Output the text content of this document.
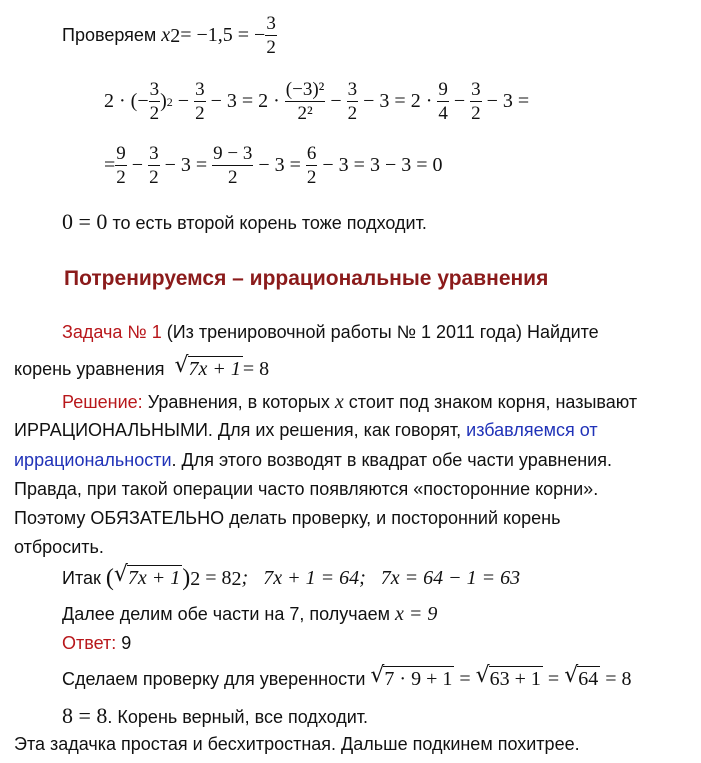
Проверяем
x 2 = −1,5 = − $\frac{3}{2}$
2 · (− $\frac{3}{2}$ ) $2 - \frac{3}{2} - 3 = 2 \cdot \frac{\text{(−3)²}}{\text{2²}} - \frac{3}{2} - 3 = 2 \cdot \frac{9}{4} - \frac{3}{2} - 3$ =
= $\frac{9}{2} - \frac{3}{2} - 3 = \frac{9 - 3}{2} - 3 = \frac{6}{2} - 3 = 3 - 3 = 0$
0 = 0 то есть второй корень тоже подходит.
Потренируемся – иррациональные уравнения
Задача № 1 (Из тренировочной работы № 1 2011 года) Найдите
корень уравнения
√ 7x + 1 = 8
Решение: Уравнения, в которых x стоит под знаком корня, называют
ИРРАЦИОНАЛЬНЫМИ. Для их решения, как говорят, избавляемся от
иррациональности. Для этого возводят в квадрат обе части уравнения.
Правда, при такой операции часто появляются «посторонние корни».
Поэтому ОБЯЗАТЕЛЬНО делать проверку, и посторонний корень
отбросить.
Итак
( √ 7x + 1 ) 2
= 8 2 ;   7x + 1 = 64;   7x = 64 − 1 = 63
Далее делим обе части на 7, получаем x = 9
Ответ: 9
Сделаем проверку для уверенности
√ 7 · 9 + 1
=
√ 63 + 1
=
√ 64
= 8
8 = 8. Корень верный, все подходит.
Эта задачка простая и бесхитростная. Дальше подкинем похитрее.
